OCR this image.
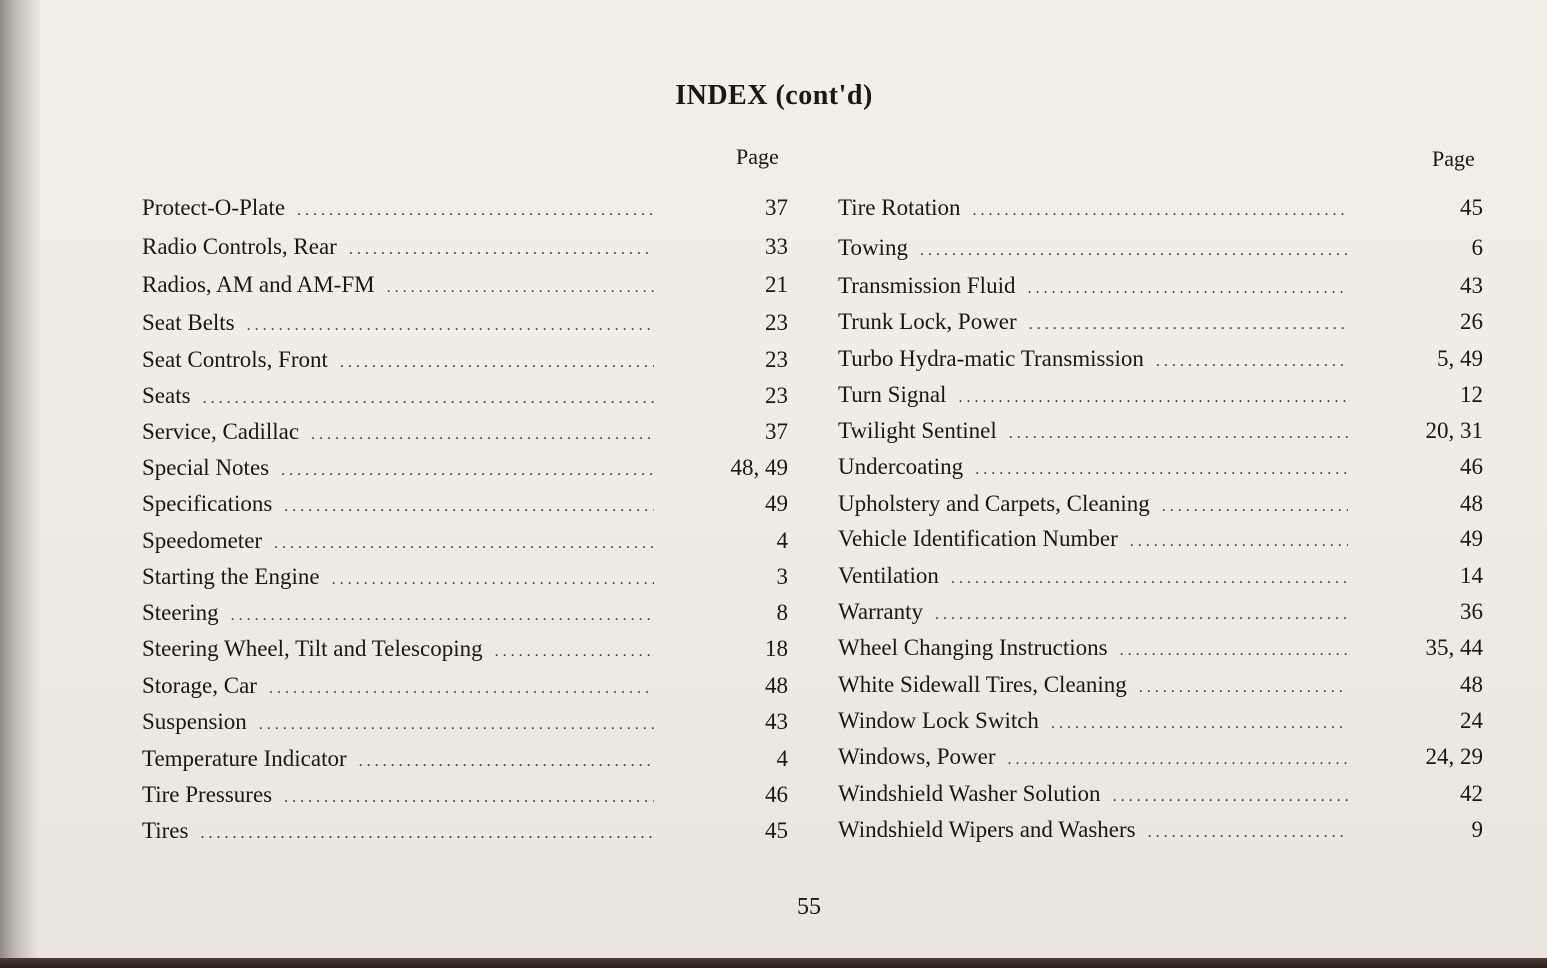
INDEX (cont'd)
Page	Page
Protect-O-Plate . . .	37
Radio Controls, Rear . . .	33
Radios, AM and AM-FM . . .	21
Seat Belts . . .	23
Seat Controls, Front . . .	23
Seats . . .	23
Service, Cadillac . . .	37
Special Notes . . .	48, 49
Specifications . . .	49
Speedometer . . .	4
Starting the Engine . . .	3
Steering . . .	8
Steering Wheel, Tilt and Telescoping . . .	18
Storage, Car . . .	48
Suspension . . .	43
Temperature Indicator . . .	4
Tire Pressures . . .	46
Tires . . .	45
Tire Rotation . . .	45
Towing . . .	6
Transmission Fluid . . .	43
Trunk Lock, Power . . .	26
Turbo Hydra-matic Transmission . . .	5, 49
Turn Signal . . .	12
Twilight Sentinel . . .	20, 31
Undercoating . . .	46
Upholstery and Carpets, Cleaning . . .	48
Vehicle Identification Number . . .	49
Ventilation . . .	14
Warranty . . .	36
Wheel Changing Instructions . . .	35, 44
White Sidewall Tires, Cleaning . . .	48
Window Lock Switch . . .	24
Windows, Power . . .	24, 29
Windshield Washer Solution . . .	42
Windshield Wipers and Washers . . .	9
55
